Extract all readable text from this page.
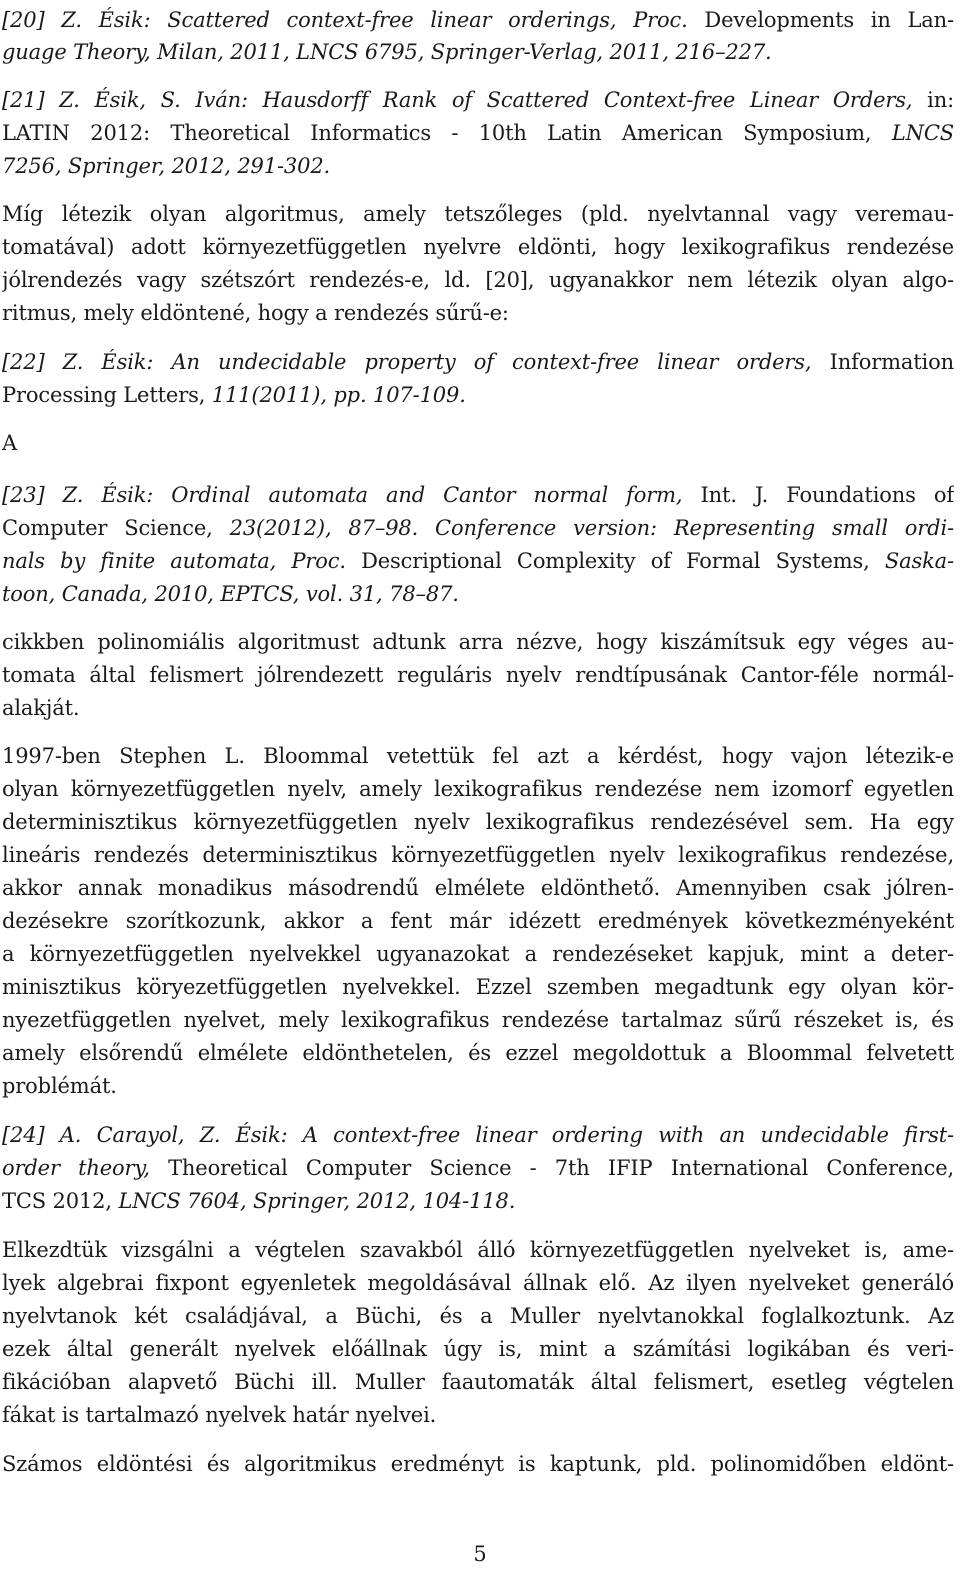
[20] Z. Ésik: Scattered context-free linear orderings, Proc. Developments in Lan-
guage Theory, Milan, 2011, LNCS 6795, Springer-Verlag, 2011, 216–227.
[21] Z. Ésik, S. Iván: Hausdorff Rank of Scattered Context-free Linear Orders, in:
LATIN 2012: Theoretical Informatics - 10th Latin American Symposium, LNCS
7256, Springer, 2012, 291-302.
Míg létezik olyan algoritmus, amely tetszőleges (pld. nyelvtannal vagy veremau-
tomatával) adott környezetfüggetlen nyelvre eldönti, hogy lexikografikus rendezése
jólrendezés vagy szétszórt rendezés-e, ld. [20], ugyanakkor nem létezik olyan algo-
ritmus, mely eldöntené, hogy a rendezés sűrű-e:
[22] Z. Ésik: An undecidable property of context-free linear orders, Information
Processing Letters, 111(2011), pp. 107-109.
A
[23] Z. Ésik: Ordinal automata and Cantor normal form, Int. J. Foundations of
Computer Science, 23(2012), 87–98. Conference version: Representing small ordi-
nals by finite automata, Proc. Descriptional Complexity of Formal Systems, Saska-
toon, Canada, 2010, EPTCS, vol. 31, 78–87.
cikkben polinomiális algoritmust adtunk arra nézve, hogy kiszámítsuk egy véges au-
tomata által felismert jólrendezett reguláris nyelv rendtípusának Cantor-féle normál-
alakját.
1997-ben Stephen L. Bloommal vetettük fel azt a kérdést, hogy vajon létezik-e
olyan környezetfüggetlen nyelv, amely lexikografikus rendezése nem izomorf egyetlen
determinisztikus környezetfüggetlen nyelv lexikografikus rendezésével sem. Ha egy
lineáris rendezés determinisztikus környezetfüggetlen nyelv lexikografikus rendezése,
akkor annak monadikus másodrendű elmélete eldönthető. Amennyiben csak jólren-
dezésekre szorítkozunk, akkor a fent már idézett eredmények következményeként
a környezetfüggetlen nyelvekkel ugyanazokat a rendezéseket kapjuk, mint a deter-
minisztikus köryezetfüggetlen nyelvekkel. Ezzel szemben megadtunk egy olyan kör-
nyezetfüggetlen nyelvet, mely lexikografikus rendezése tartalmaz sűrű részeket is, és
amely elsőrendű elmélete eldönthetelen, és ezzel megoldottuk a Bloommal felvetett
problémát.
[24] A. Carayol, Z. Ésik: A context-free linear ordering with an undecidable first-
order theory, Theoretical Computer Science - 7th IFIP International Conference,
TCS 2012, LNCS 7604, Springer, 2012, 104-118.
Elkezdtük vizsgálni a végtelen szavakból álló környezetfüggetlen nyelveket is, ame-
lyek algebrai fixpont egyenletek megoldásával állnak elő. Az ilyen nyelveket generáló
nyelvtanok két családjával, a Büchi, és a Muller nyelvtanokkal foglalkoztunk. Az
ezek által generált nyelvek előállnak úgy is, mint a számítási logikában és veri-
fikációban alapvető Büchi ill. Muller faautomaták által felismert, esetleg végtelen
fákat is tartalmazó nyelvek határ nyelvei.
Számos eldöntési és algoritmikus eredményt is kaptunk, pld. polinomidőben eldönt-
5
